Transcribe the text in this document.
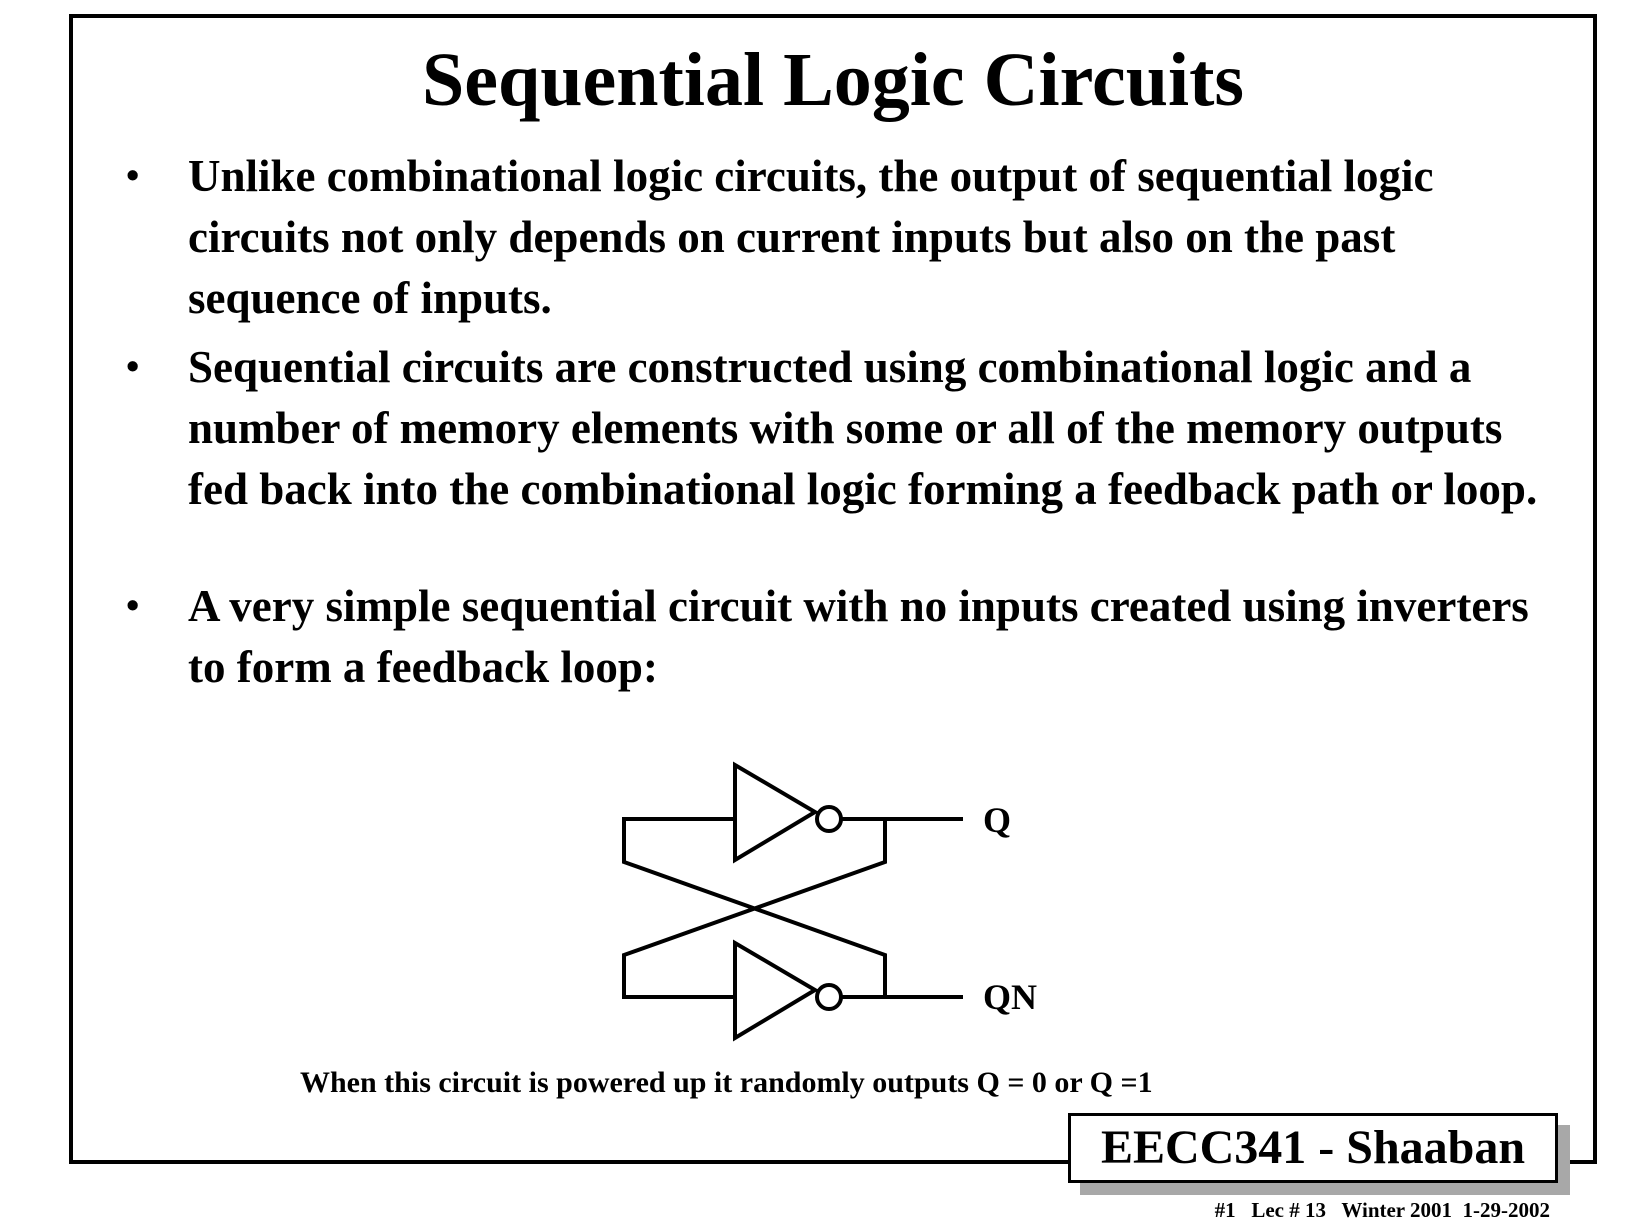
Sequential Logic Circuits
• Unlike combinational logic circuits, the output of sequential logic circuits not only depends on current inputs but also on the past sequence of inputs.
• Sequential circuits are constructed using combinational logic and a number of memory elements with some or all of the memory outputs fed back into the combinational logic forming a feedback path or loop.
• A very simple sequential circuit with no inputs created using inverters to form a feedback loop:
Q
QN
When this circuit is powered up it randomly outputs Q = 0 or Q =1
EECC341 - Shaaban
#1   Lec # 13   Winter 2001  1-29-2002
